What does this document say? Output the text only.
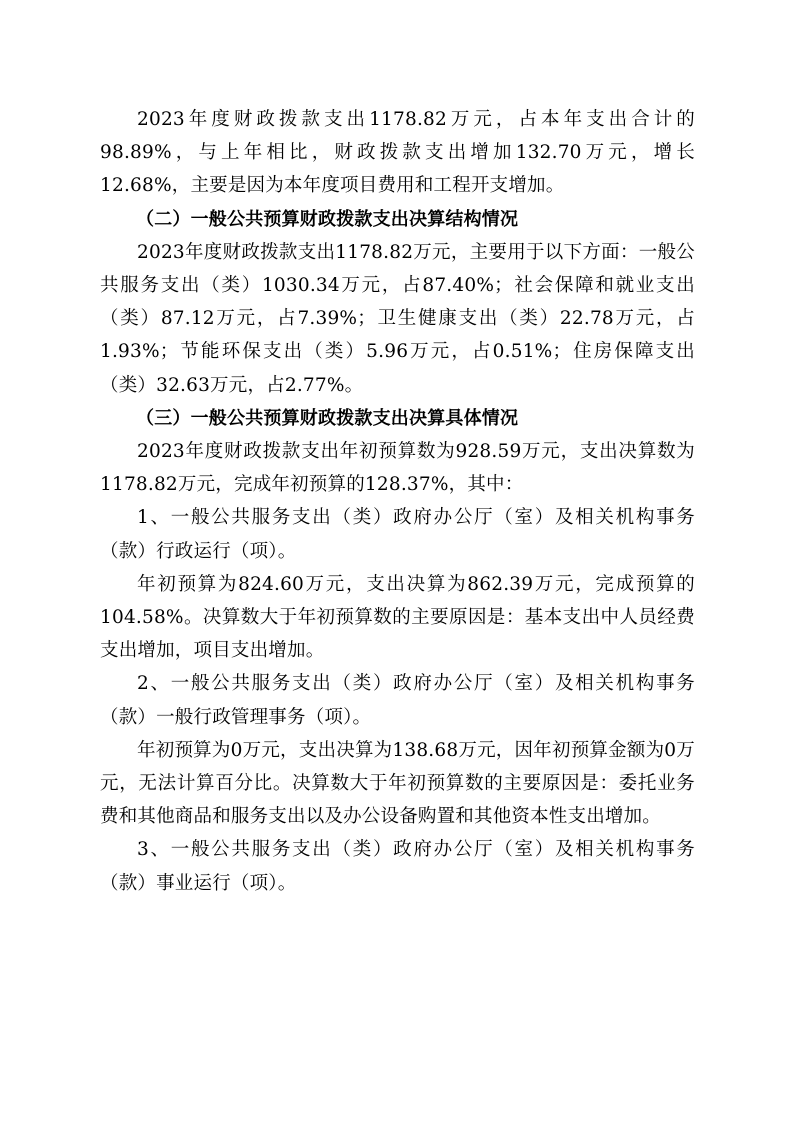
2023年度财政拨款支出1178.82万元，占本年支出合计的98.89%，与上年相比，财政拨款支出增加132.70万元，增长12.68%，主要是因为本年度项目费用和工程开支增加。

（二）一般公共预算财政拨款支出决算结构情况

2023年度财政拨款支出1178.82万元，主要用于以下方面：一般公共服务支出（类）1030.34万元，占87.40%；社会保障和就业支出（类）87.12万元，占7.39%；卫生健康支出（类）22.78万元，占1.93%；节能环保支出（类）5.96万元，占0.51%；住房保障支出（类）32.63万元，占2.77%。

（三）一般公共预算财政拨款支出决算具体情况

2023年度财政拨款支出年初预算数为928.59万元，支出决算数为1178.82万元，完成年初预算的128.37%，其中：

1、一般公共服务支出（类）政府办公厅（室）及相关机构事务（款）行政运行（项）。

年初预算为824.60万元，支出决算为862.39万元，完成预算的104.58%。决算数大于年初预算数的主要原因是：基本支出中人员经费支出增加，项目支出增加。

2、一般公共服务支出（类）政府办公厅（室）及相关机构事务（款）一般行政管理事务（项）。

年初预算为0万元，支出决算为138.68万元，因年初预算金额为0万元，无法计算百分比。决算数大于年初预算数的主要原因是：委托业务费和其他商品和服务支出以及办公设备购置和其他资本性支出增加。

3、一般公共服务支出（类）政府办公厅（室）及相关机构事务（款）事业运行（项）。
